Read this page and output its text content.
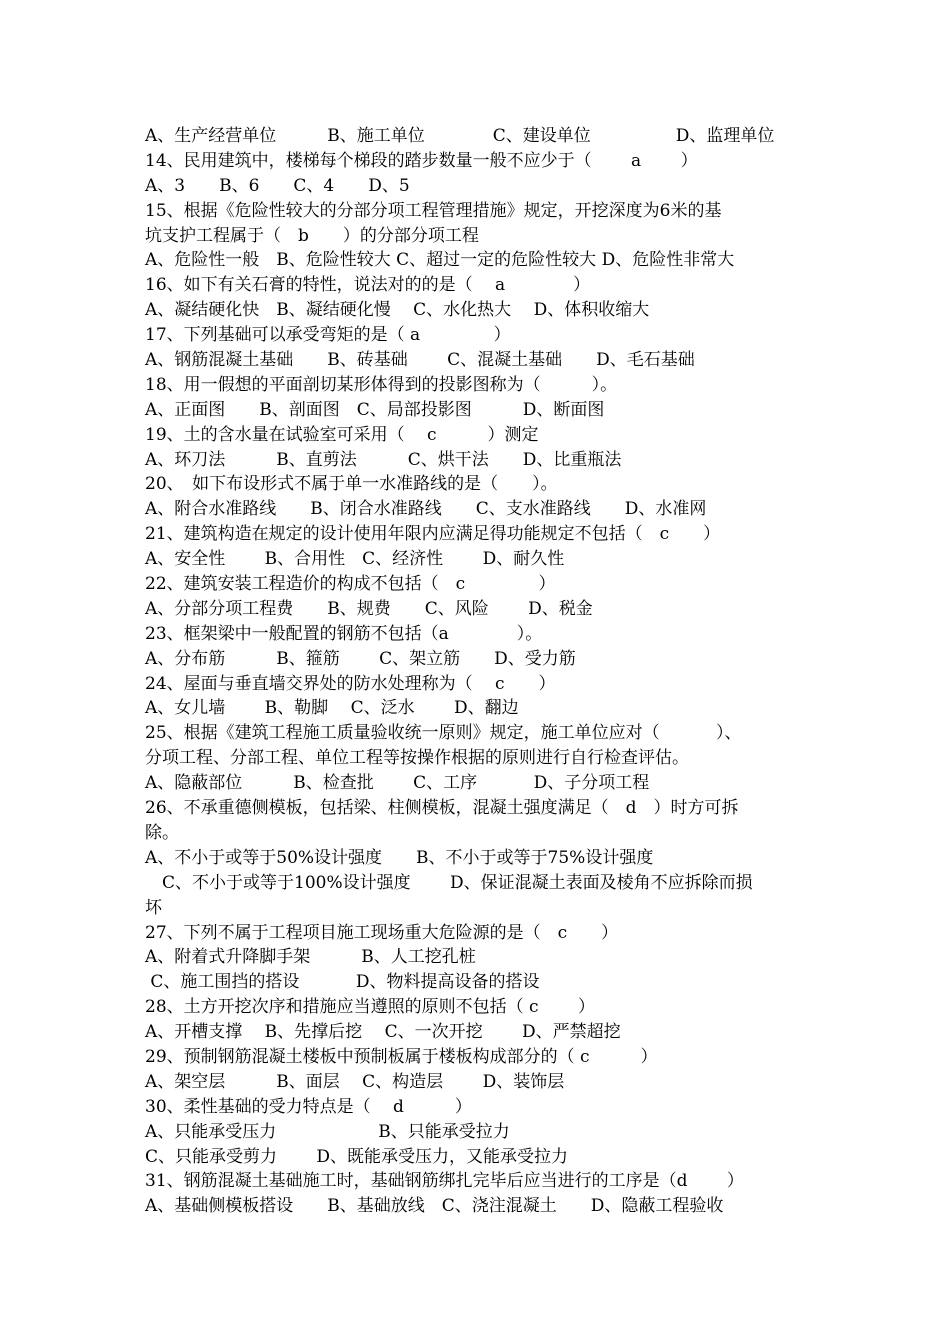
A、生产经营单位　　　B、施工单位　　　　C、建设单位　　　　　D、监理单位
14、民用建筑中，楼梯每个梯段的踏步数量一般不应少于（　　 a　　 ）
A、3　　B、6　　C、4　　D、5
15、根据《危险性较大的分部分项工程管理措施》规定，开挖深度为6米的基
坑支护工程属于（　b　　）的分部分项工程
A、危险性一般　B、危险性较大 C、超过一定的危险性较大 D、危险性非常大
16、如下有关石膏的特性，说法对的的是（　 a　　　　）
A、凝结硬化快　B、凝结硬化慢　 C、水化热大　 D、体积收缩大
17、下列基础可以承受弯矩的是（ a　　　　 ）
A、钢筋混凝土基础　　B、砖基础　　 C、混凝土基础　　D、毛石基础
18、用一假想的平面剖切某形体得到的投影图称为（　　　）。
A、正面图　　B、剖面图　C、局部投影图　　　D、断面图
19、土的含水量在试验室可采用（　 c　　　）测定
A、环刀法　　　B、直剪法　　　C、烘干法　　D、比重瓶法
20、　如下布设形式不属于单一水准路线的是（　　）。
A、附合水准路线　　B、闭合水准路线　　C、支水准路线　　D、水准网
21、建筑构造在规定的设计使用年限内应满足得功能规定不包括（　c　　）
A、安全性　　 B、合用性　C、经济性　　 D、耐久性
22、建筑安装工程造价的构成不包括（　c　　　　 ）
A、分部分项工程费　　B、规费　　C、风险　　 D、税金
23、框架梁中一般配置的钢筋不包括（a　　　　）。
A、分布筋　　　B、箍筋　　 C、架立筋　　D、受力筋
24、屋面与垂直墙交界处的防水处理称为（　 c　　）
A、女儿墙　　 B、勒脚　 C、泛水　　 D、翻边
25、根据《建筑工程施工质量验收统一原则》规定，施工单位应对（　　　 ）、
分项工程、分部工程、单位工程等按操作根据的原则进行自行检查评估。
A、隐蔽部位　　　B、检查批　　 C、工序　　　 D、子分项工程
26、不承重德侧模板，包括梁、柱侧模板，混凝土强度满足（　d　）时方可拆
除。
A、不小于或等于50%设计强度　　B、不小于或等于75%设计强度
　C、不小于或等于100%设计强度　　 D、保证混凝土表面及棱角不应拆除而损
坏
27、下列不属于工程项目施工现场重大危险源的是（　c　　）
A、附着式升降脚手架　　　B、人工挖孔桩
C、施工围挡的搭设　　　 D、物料提高设备的搭设
28、土方开挖次序和措施应当遵照的原则不包括（ c　　 ）
A、开槽支撑　 B、先撑后挖　 C、一次开挖　　 D、严禁超挖
29、预制钢筋混凝土楼板中预制板属于楼板构成部分的（ c　　　）
A、架空层　　　B、面层　 C、构造层　　 D、装饰层
30、柔性基础的受力特点是（　 d　　　）
A、只能承受压力　　　　　　B、只能承受拉力
C、只能承受剪力　　 D、既能承受压力，又能承受拉力
31、钢筋混凝土基础施工时，基础钢筋绑扎完毕后应当进行的工序是（d　　 ）
A、基础侧模板搭设　　B、基础放线　C、浇注混凝土　　D、隐蔽工程验收
